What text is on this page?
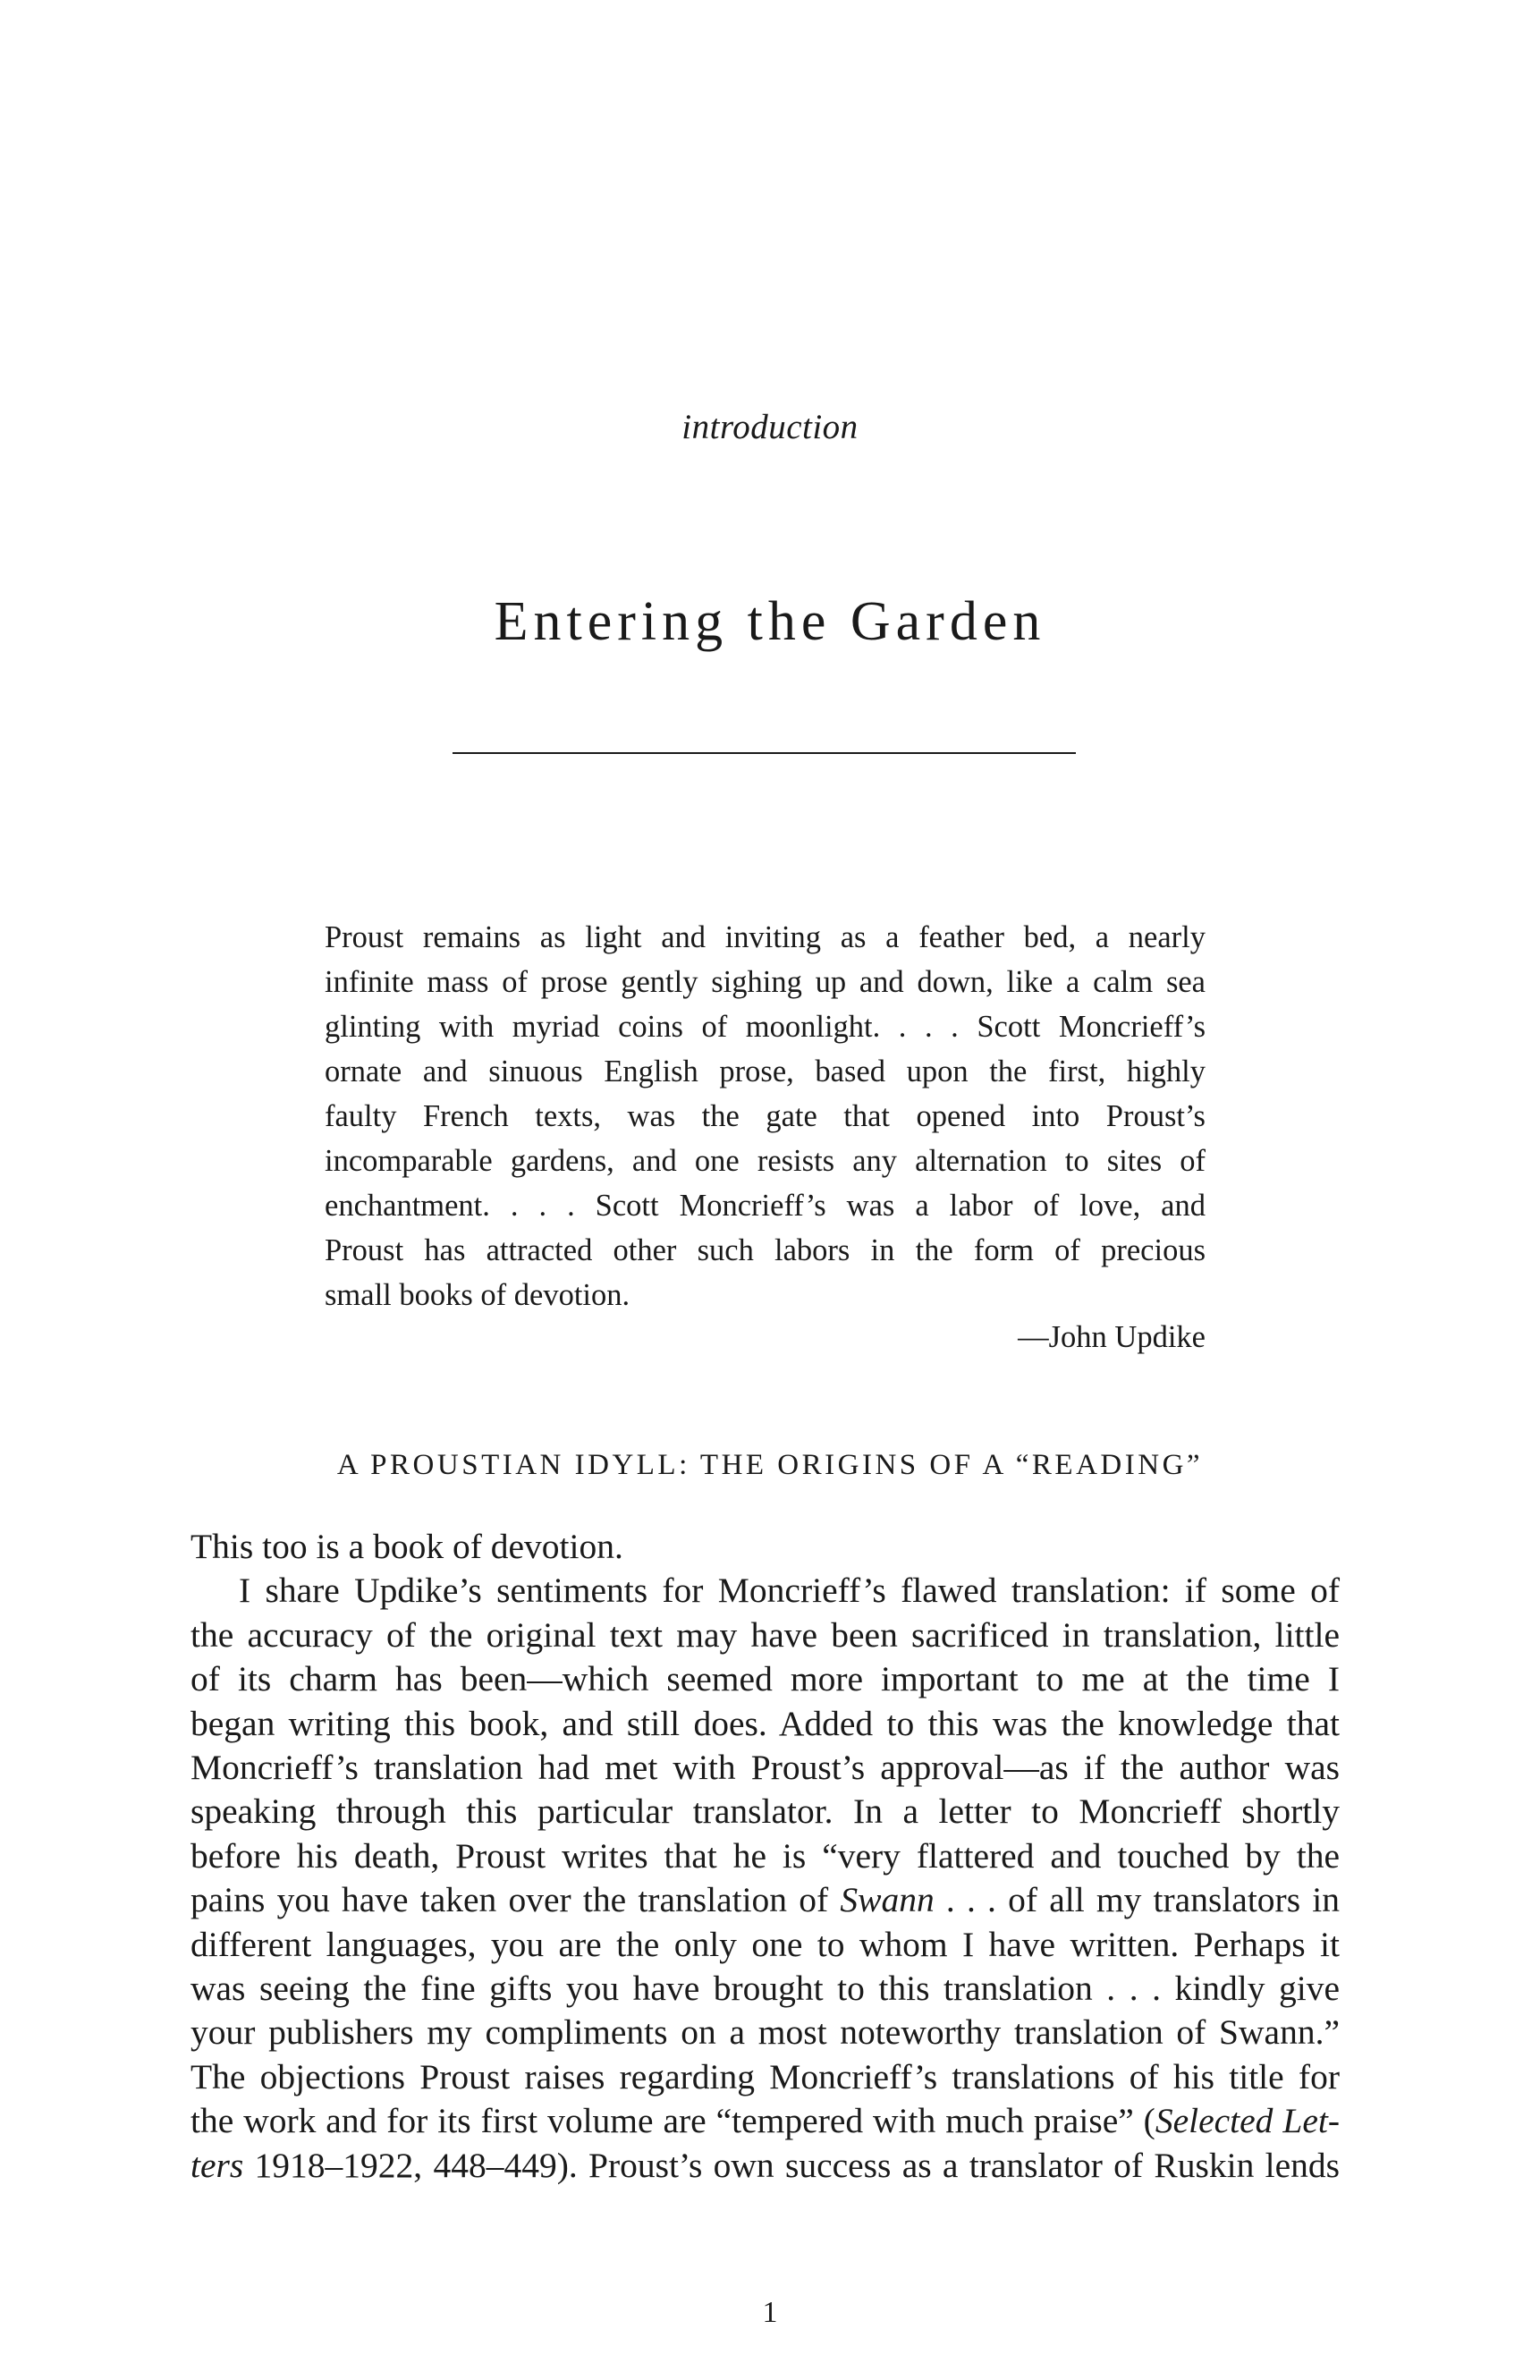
introduction
Entering the Garden
Proust remains as light and inviting as a feather bed, a nearly
infinite mass of prose gently sighing up and down, like a calm sea
glinting with myriad coins of moonlight. . . . Scott Moncrieff’s
ornate and sinuous English prose, based upon the first, highly
faulty French texts, was the gate that opened into Proust’s
incomparable gardens, and one resists any alternation to sites of
enchantment. . . . Scott Moncrieff’s was a labor of love, and
Proust has attracted other such labors in the form of precious
small books of devotion.
—John Updike
A PROUSTIAN IDYLL: THE ORIGINS OF A “READING”
This too is a book of devotion.
I share Updike’s sentiments for Moncrieff’s flawed translation: if some of
the accuracy of the original text may have been sacrificed in translation, little
of its charm has been—which seemed more important to me at the time I
began writing this book, and still does. Added to this was the knowledge that
Moncrieff’s translation had met with Proust’s approval—as if the author was
speaking through this particular translator. In a letter to Moncrieff shortly
before his death, Proust writes that he is “very flattered and touched by the
pains you have taken over the translation of Swann . . . of all my translators in
different languages, you are the only one to whom I have written. Perhaps it
was seeing the fine gifts you have brought to this translation . . . kindly give
your publishers my compliments on a most noteworthy translation of Swann.”
The objections Proust raises regarding Moncrieff’s translations of his title for
the work and for its first volume are “tempered with much praise” (Selected Let-
ters 1918–1922, 448–449). Proust’s own success as a translator of Ruskin lends
1
